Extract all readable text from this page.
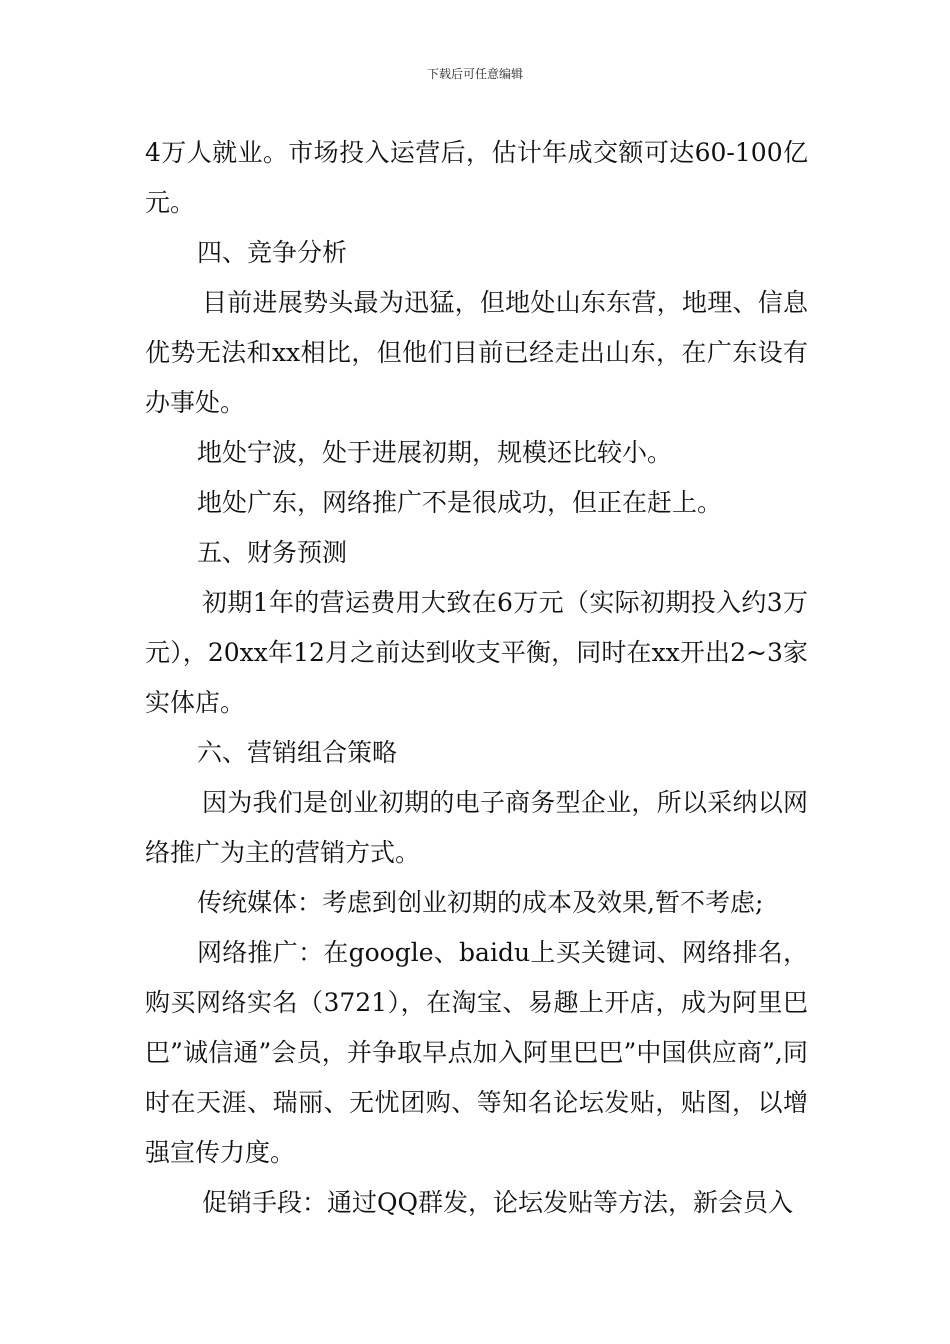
下载后可任意编辑

4万人就业。市场投入运营后，估计年成交额可达60-100亿元。

四、竞争分析

目前进展势头最为迅猛，但地处山东东营，地理、信息优势无法和xx相比，但他们目前已经走出山东，在广东设有办事处。

地处宁波，处于进展初期，规模还比较小。

地处广东，网络推广不是很成功，但正在赶上。

五、财务预测

初期1年的营运费用大致在6万元（实际初期投入约3万元），20xx年12月之前达到收支平衡，同时在xx开出2~3家实体店。

六、营销组合策略

因为我们是创业初期的电子商务型企业，所以采纳以网络推广为主的营销方式。

传统媒体：考虑到创业初期的成本及效果,暂不考虑;

网络推广：在google、baidu上买关键词、网络排名，购买网络实名（3721），在淘宝、易趣上开店，成为阿里巴巴”诚信通”会员，并争取早点加入阿里巴巴”中国供应商”,同时在天涯、瑞丽、无忧团购、等知名论坛发贴，贴图，以增强宣传力度。

促销手段：通过QQ群发，论坛发贴等方法，新会员入
